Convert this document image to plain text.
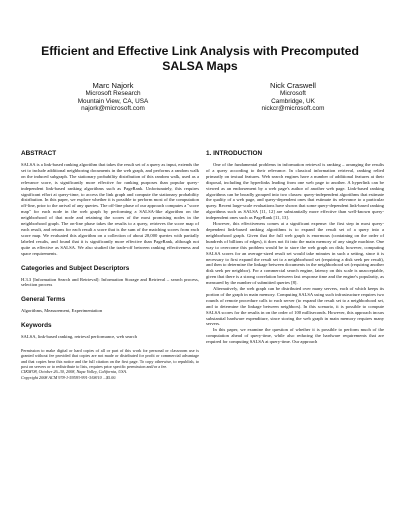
Efficient and Effective Link Analysis with Precomputed SALSA Maps
Marc Najork
Microsoft Research
Mountain View, CA, USA
najork@microsoft.com
Nick Craswell
Microsoft
Cambridge, UK
nickcr@microsoft.com
ABSTRACT

SALSA is a link-based ranking algorithm that takes the result set of a query as input, extends the set to include additional neighboring documents in the web graph, and performs a random walk on the induced subgraph. The stationary probability distribution of this random walk, used as a relevance score, is significantly more effective for ranking purposes than popular query-independent link-based ranking algorithms such as PageRank. Unfortunately, this requires significant effort at query-time, to access the link graph and compute the stationary probability distribution. In this paper, we explore whether it is possible to perform most of the computation off-line, prior to the arrival of any queries. The off-line phase of our approach computes a "score map" for each node in the web graph by performing a SALSA-like algorithm on the neighborhood of that node and retaining the scores of the most promising nodes in the neighborhood graph. The on-line phase takes the results to a query, retrieves the score map of each result, and returns for each result a score that is the sum of the matching scores from each score map. We evaluated this algorithm on a collection of about 28,000 queries with partially labeled results, and found that it is significantly more effective than PageRank, although not quite as effective as SALSA. We also studied the trade-off between ranking effectiveness and space requirements.

Categories and Subject Descriptors

H.3.3 [Information Search and Retrieval]: Information Storage and Retrieval – search process, selection process

General Terms

Algorithms, Measurement, Experimentation

Keywords

SALSA, link-based ranking, retrieval performance, web search

Permission to make digital or hard copies of all or part of this work for personal or classroom use is granted without fee provided that copies are not made or distributed for profit or commercial advantage and that copies bear this notice and the full citation on the first page. To copy otherwise, to republish, to post on servers or to redistribute to lists, requires prior specific permission and/or a fee.

CIKM'08, October 26–30, 2008, Napa Valley, California, USA.
Copyright 2008 ACM 978-1-59593-991-3/08/10 ...$5.00.

1. INTRODUCTION

One of the fundamental problems in information retrieval is ranking – arranging the results of a query according to their relevance. In classical information retrieval, ranking relied primarily on textual features. Web search engines have a number of additional features at their disposal, including the hyperlinks leading from one web page to another. A hyperlink can be viewed as an endorsement by a web page's author of another web page. Link-based ranking algorithms can be broadly grouped into two classes: query-independent algorithms that estimate the quality of a web page, and query-dependent ones that estimate its relevance to a particular query. Recent large-scale evaluations have shown that some query-dependent link-based ranking algorithms such as SALSA [11, 12] are substantially more effective than well-known query-independent ones such as PageRank [11, 13].

However, this effectiveness comes at a significant expense: the first step in most query-dependent link-based ranking algorithms is to expand the result set of a query into a neighborhood graph. Given that the full web graph is enormous (containing on the order of hundreds of billions of edges), it does not fit into the main memory of any single machine. One way to overcome this problem would be to store the web graph on disk; however, computing SALSA scores for an average-sized result set would take minutes in such a setting, since it is necessary to first expand the result set to a neighborhood set (requiring a disk seek per result), and then to determine the linkage between documents in the neighborhood set (requiring another disk seek per neighbor). For a commercial search engine, latency on this scale is unacceptable, given that there is a strong correlation between fast response time and the engine's popularity, as measured by the number of submitted queries [8].

Alternatively, the web graph can be distributed over many servers, each of which keeps its portion of the graph in main memory. Computing SALSA using such infrastructure requires two rounds of remote procedure calls to each server (to expand the result set to a neighborhood set, and to determine the linkage between neighbors). In this scenario, it is possible to compute SALSA scores for the results in on the order of 100 milliseconds. However, this approach incurs substantial hardware expenditure, since storing the web graph in main memory requires many servers.

In this paper, we examine the question of whether it is possible to perform much of the computation ahead of query-time, while also reducing the hardware requirements that are required for computing SALSA at query-time. Our approach
